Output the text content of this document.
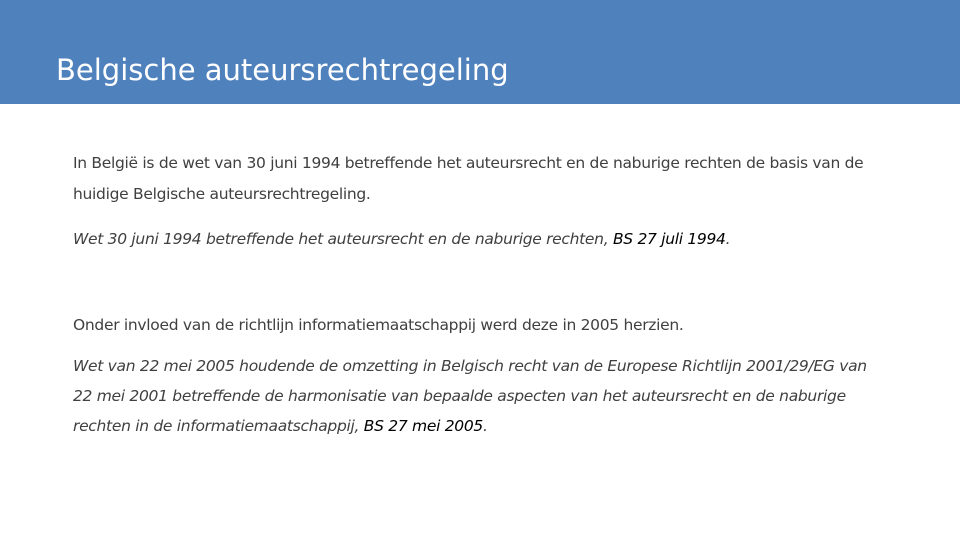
Belgische auteursrechtregeling

In België is de wet van 30 juni 1994 betreffende het auteursrecht en de naburige rechten de basis van de huidige Belgische auteursrechtregeling.

Wet 30 juni 1994 betreffende het auteursrecht en de naburige rechten, BS 27 juli 1994.

Onder invloed van de richtlijn informatiemaatschappij werd deze in 2005 herzien.

Wet van 22 mei 2005 houdende de omzetting in Belgisch recht van de Europese Richtlijn 2001/29/EG van 22 mei 2001 betreffende de harmonisatie van bepaalde aspecten van het auteursrecht en de naburige rechten in de informatiemaatschappij, BS 27 mei 2005.
